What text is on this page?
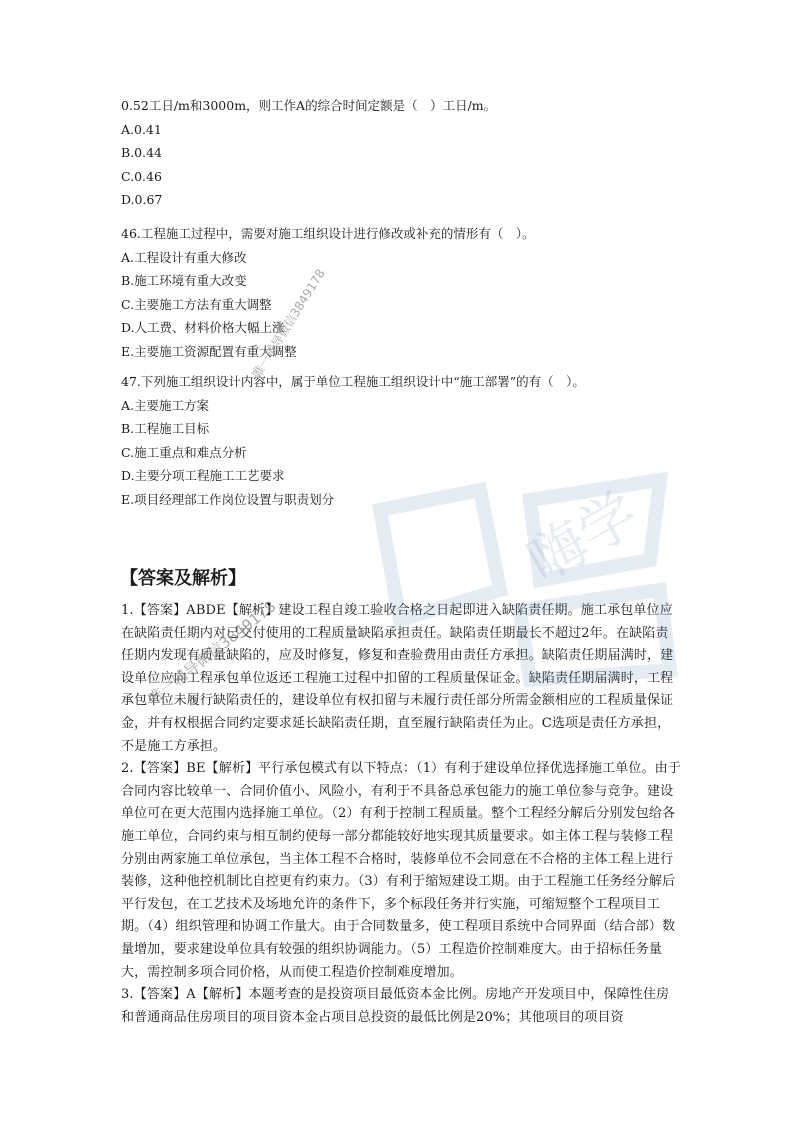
0.52工日/m和3000m，则工作A的综合时间定额是（　）工日/m。
A.0.41
B.0.44
C.0.46
D.0.67
46.工程施工过程中，需要对施工组织设计进行修改或补充的情形有（　）。
A.工程设计有重大修改
B.施工环境有重大改变
C.主要施工方法有重大调整
D.人工费、材料价格大幅上涨
E.主要施工资源配置有重大调整
47.下列施工组织设计内容中，属于单位工程施工组织设计中“施工部署”的有（　）。
A.主要施工方案
B.工程施工目标
C.施工重点和难点分析
D.主要分项工程施工工艺要求
E.项目经理部工作岗位设置与职责划分
【答案及解析】

1.【答案】ABDE【解析】建设工程自竣工验收合格之日起即进入缺陷责任期。施工承包单位应在缺陷责任期内对已交付使用的工程质量缺陷承担责任。缺陷责任期最长不超过2年。在缺陷责任期内发现有质量缺陷的，应及时修复，修复和查验费用由责任方承担。缺陷责任期届满时，建设单位应向工程承包单位返还工程施工过程中扣留的工程质量保证金。缺陷责任期届满时，工程承包单位未履行缺陷责任的，建设单位有权扣留与未履行责任部分所需金额相应的工程质量保证金，并有权根据合同约定要求延长缺陷责任期，直至履行缺陷责任为止。C选项是责任方承担，不是施工方承担。

2.【答案】BE【解析】平行承包模式有以下特点：（1）有利于建设单位择优选择施工单位。由于合同内容比较单一、合同价值小、风险小，有利于不具备总承包能力的施工单位参与竞争。建设单位可在更大范围内选择施工单位。（2）有利于控制工程质量。整个工程经分解后分别发包给各施工单位，合同约束与相互制约使每一部分都能较好地实现其质量要求。如主体工程与装修工程分别由两家施工单位承包，当主体工程不合格时，装修单位不会同意在不合格的主体工程上进行装修，这种他控机制比自控更有约束力。（3）有利于缩短建设工期。由于工程施工任务经分解后平行发包，在工艺技术及场地允许的条件下，多个标段任务并行实施，可缩短整个工程项目工期。（4）组织管理和协调工作量大。由于合同数量多，使工程项目系统中合同界面（结合部）数量增加，要求建设单位具有较强的组织协调能力。（5）工程造价控制难度大。由于招标任务量大，需控制多项合同价格，从而使工程造价控制难度增加。

3.【答案】A【解析】本题考查的是投资项目最低资本金比例。房地产开发项目中，保障性住房和普通商品住房项目的项目资本金占项目总投资的最低比例是20%；其他项目的项目资

唯一辅导微信3849178
唯一辅导微信3849178
嗨学
